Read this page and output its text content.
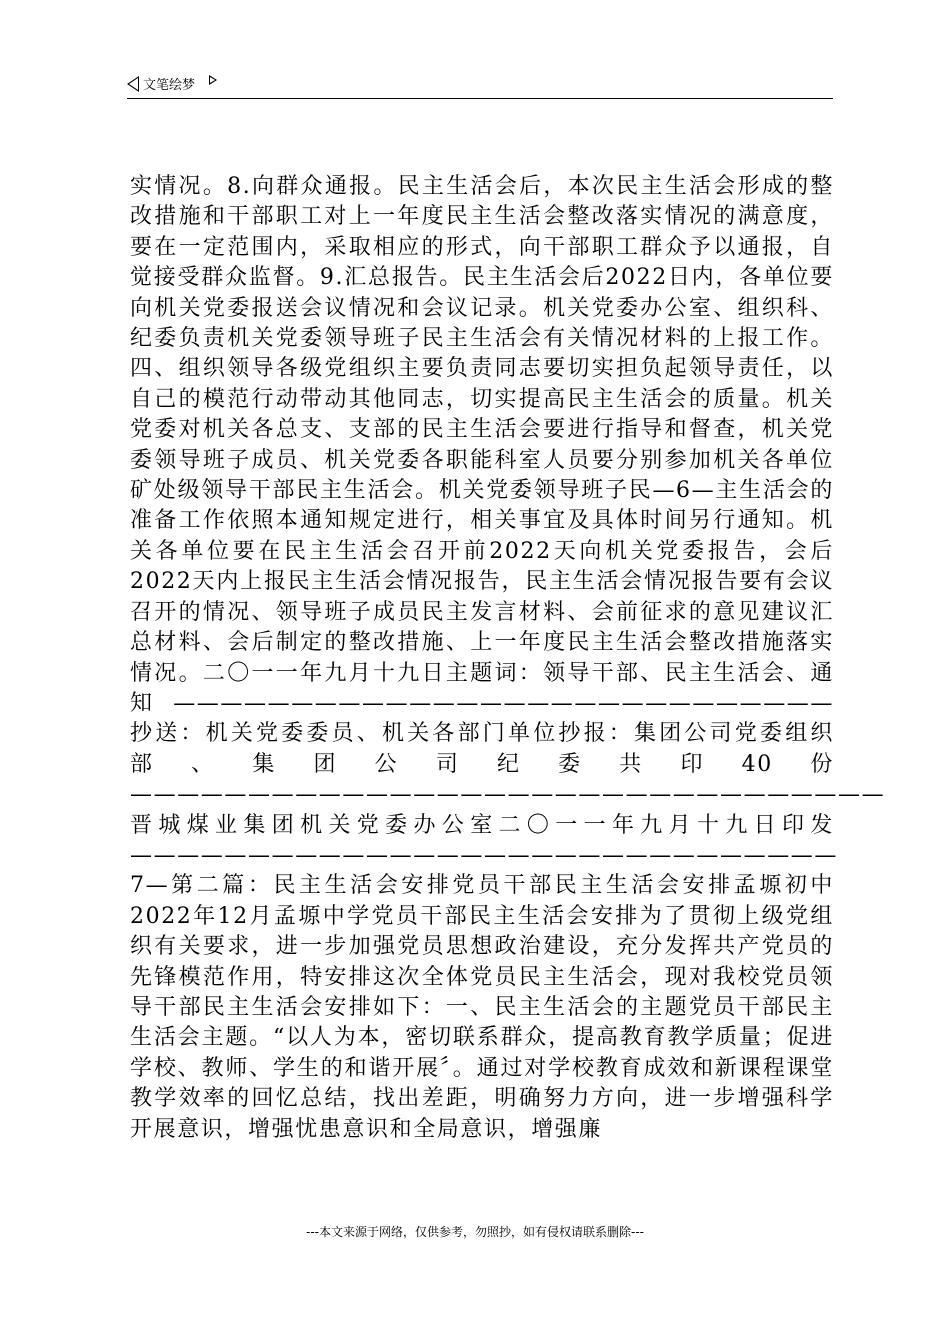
文笔绘梦

实情况。8.向群众通报。民主生活会后，本次民主生活会形成的整改措施和干部职工对上一年度民主生活会整改落实情况的满意度，要在一定范围内，采取相应的形式，向干部职工群众予以通报，自觉接受群众监督。9.汇总报告。民主生活会后2022日内，各单位要向机关党委报送会议情况和会议记录。机关党委办公室、组织科、纪委负责机关党委领导班子民主生活会有关情况材料的上报工作。四、组织领导各级党组织主要负责同志要切实担负起领导责任，以自己的模范行动带动其他同志，切实提高民主生活会的质量。机关党委对机关各总支、支部的民主生活会要进行指导和督查，机关党委领导班子成员、机关党委各职能科室人员要分别参加机关各单位矿处级领导干部民主生活会。机关党委领导班子民—6—主生活会的准备工作依照本通知规定进行，相关事宜及具体时间另行通知。机关各单位要在民主生活会召开前2022天向机关党委报告，会后2022天内上报民主生活会情况报告，民主生活会情况报告要有会议召开的情况、领导班子成员民主发言材料、会前征求的意见建议汇总材料、会后制定的整改措施、上一年度民主生活会整改措施落实情况。二〇一一年九月十九日主题词：领导干部、民主生活会、通知————————————————————————————抄送：机关党委委员、机关各部门单位抄报：集团公司党委组织部、集团公司纪委共印40份————————————————————————————————晋城煤业集团机关党委办公室二〇一一年九月十九日印发——————————————————————————————7—第二篇：民主生活会安排党员干部民主生活会安排孟塬初中2022年12月孟塬中学党员干部民主生活会安排为了贯彻上级党组织有关要求，进一步加强党员思想政治建设，充分发挥共产党员的先锋模范作用，特安排这次全体党员民主生活会，现对我校党员领导干部民主生活会安排如下：一、民主生活会的主题党员干部民主生活会主题。“以人为本，密切联系群众，提高教育教学质量；促进学校、教师、学生的和谐开展〞。通过对学校教育成效和新课程课堂教学效率的回忆总结，找出差距，明确努力方向，进一步增强科学开展意识，增强忧患意识和全局意识，增强廉

---本文来源于网络，仅供参考，勿照抄，如有侵权请联系删除---
